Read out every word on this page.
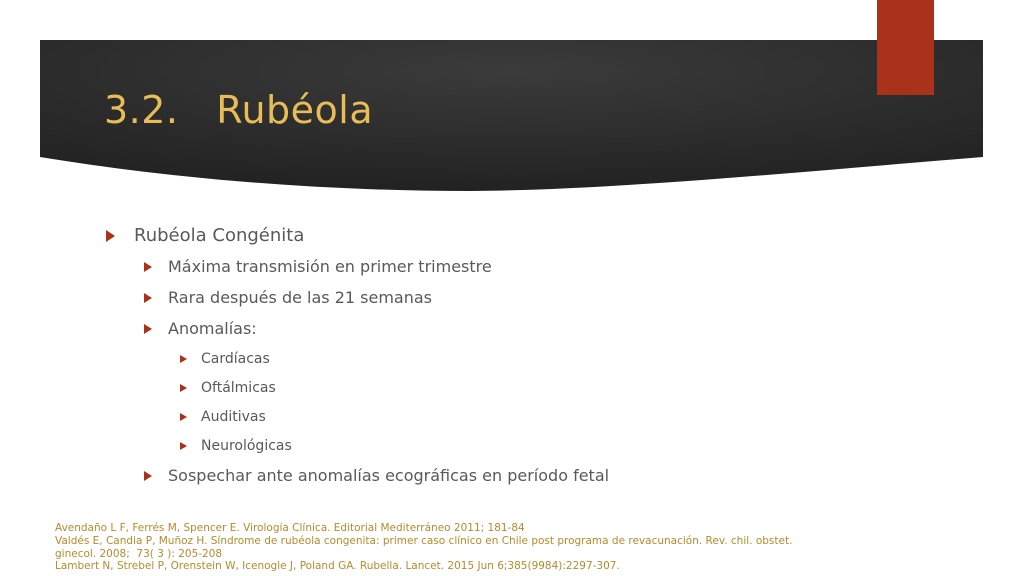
3.2. Rubéola
Rubéola Congénita
Máxima transmisión en primer trimestre
Rara después de las 21 semanas
Anomalías:
Cardíacas
Oftálmicas
Auditivas
Neurológicas
Sospechar ante anomalías ecográficas en período fetal
Avendaño L F, Ferrés M, Spencer E. Virología Clínica. Editorial Mediterráneo 2011; 181-84
Valdés E, Candia P, Muñoz H. Síndrome de rubéola congenita: primer caso clínico en Chile post programa de revacunación. Rev. chil. obstet.
ginecol. 2008;  73( 3 ): 205-208
Lambert N, Strebel P, Orenstein W, Icenogle J, Poland GA. Rubella. Lancet. 2015 Jun 6;385(9984):2297-307.
